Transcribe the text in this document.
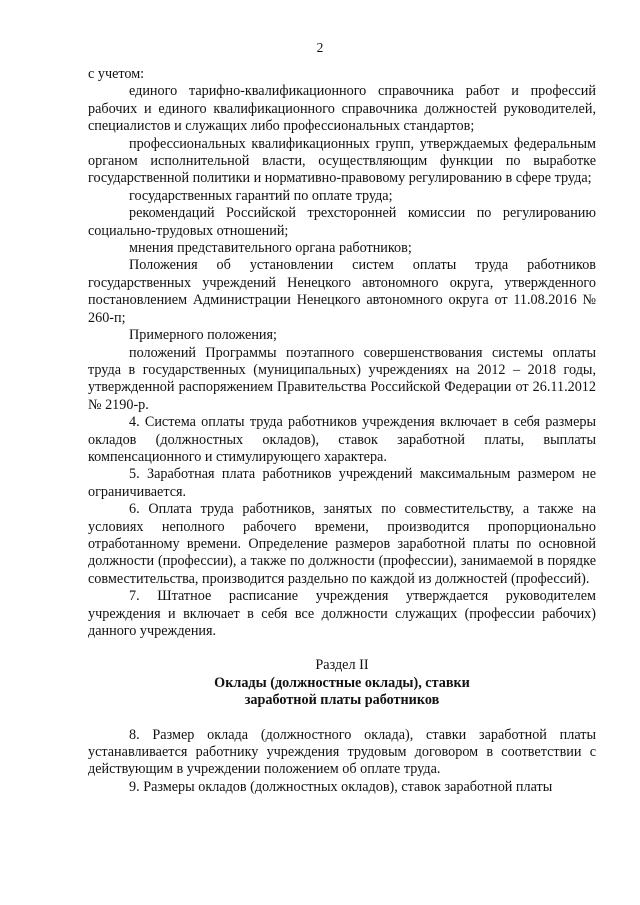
2

с учетом:

единого тарифно-квалификационного справочника работ и профессий рабочих и единого квалификационного справочника должностей руководителей, специалистов и служащих либо профессиональных стандартов;

профессиональных квалификационных групп, утверждаемых федеральным органом исполнительной власти, осуществляющим функции по выработке государственной политики и нормативно-правовому регулированию в сфере труда;

государственных гарантий по оплате труда;

рекомендаций Российской трехсторонней комиссии по регулированию социально-трудовых отношений;

мнения представительного органа работников;

Положения об установлении систем оплаты труда работников государственных учреждений Ненецкого автономного округа, утвержденного постановлением Администрации Ненецкого автономного округа от 11.08.2016 № 260-п;

Примерного положения;

положений Программы поэтапного совершенствования системы оплаты труда в государственных (муниципальных) учреждениях на 2012 – 2018 годы, утвержденной распоряжением Правительства Российской Федерации от 26.11.2012 № 2190-р.

4. Система оплаты труда работников учреждения включает в себя размеры окладов (должностных окладов), ставок заработной платы, выплаты компенсационного и стимулирующего характера.

5. Заработная плата работников учреждений максимальным размером не ограничивается.

6. Оплата труда работников, занятых по совместительству, а также на условиях неполного рабочего времени, производится пропорционально отработанному времени. Определение размеров заработной платы по основной должности (профессии), а также по должности (профессии), занимаемой в порядке совместительства, производится раздельно по каждой из должностей (профессий).

7. Штатное расписание учреждения утверждается руководителем учреждения и включает в себя все должности служащих (профессии рабочих) данного учреждения.

Раздел II
Оклады (должностные оклады), ставки
заработной платы работников

8. Размер оклада (должностного оклада), ставки заработной платы устанавливается работнику учреждения трудовым договором в соответствии с действующим в учреждении положением об оплате труда.

9. Размеры окладов (должностных окладов), ставок заработной платы
